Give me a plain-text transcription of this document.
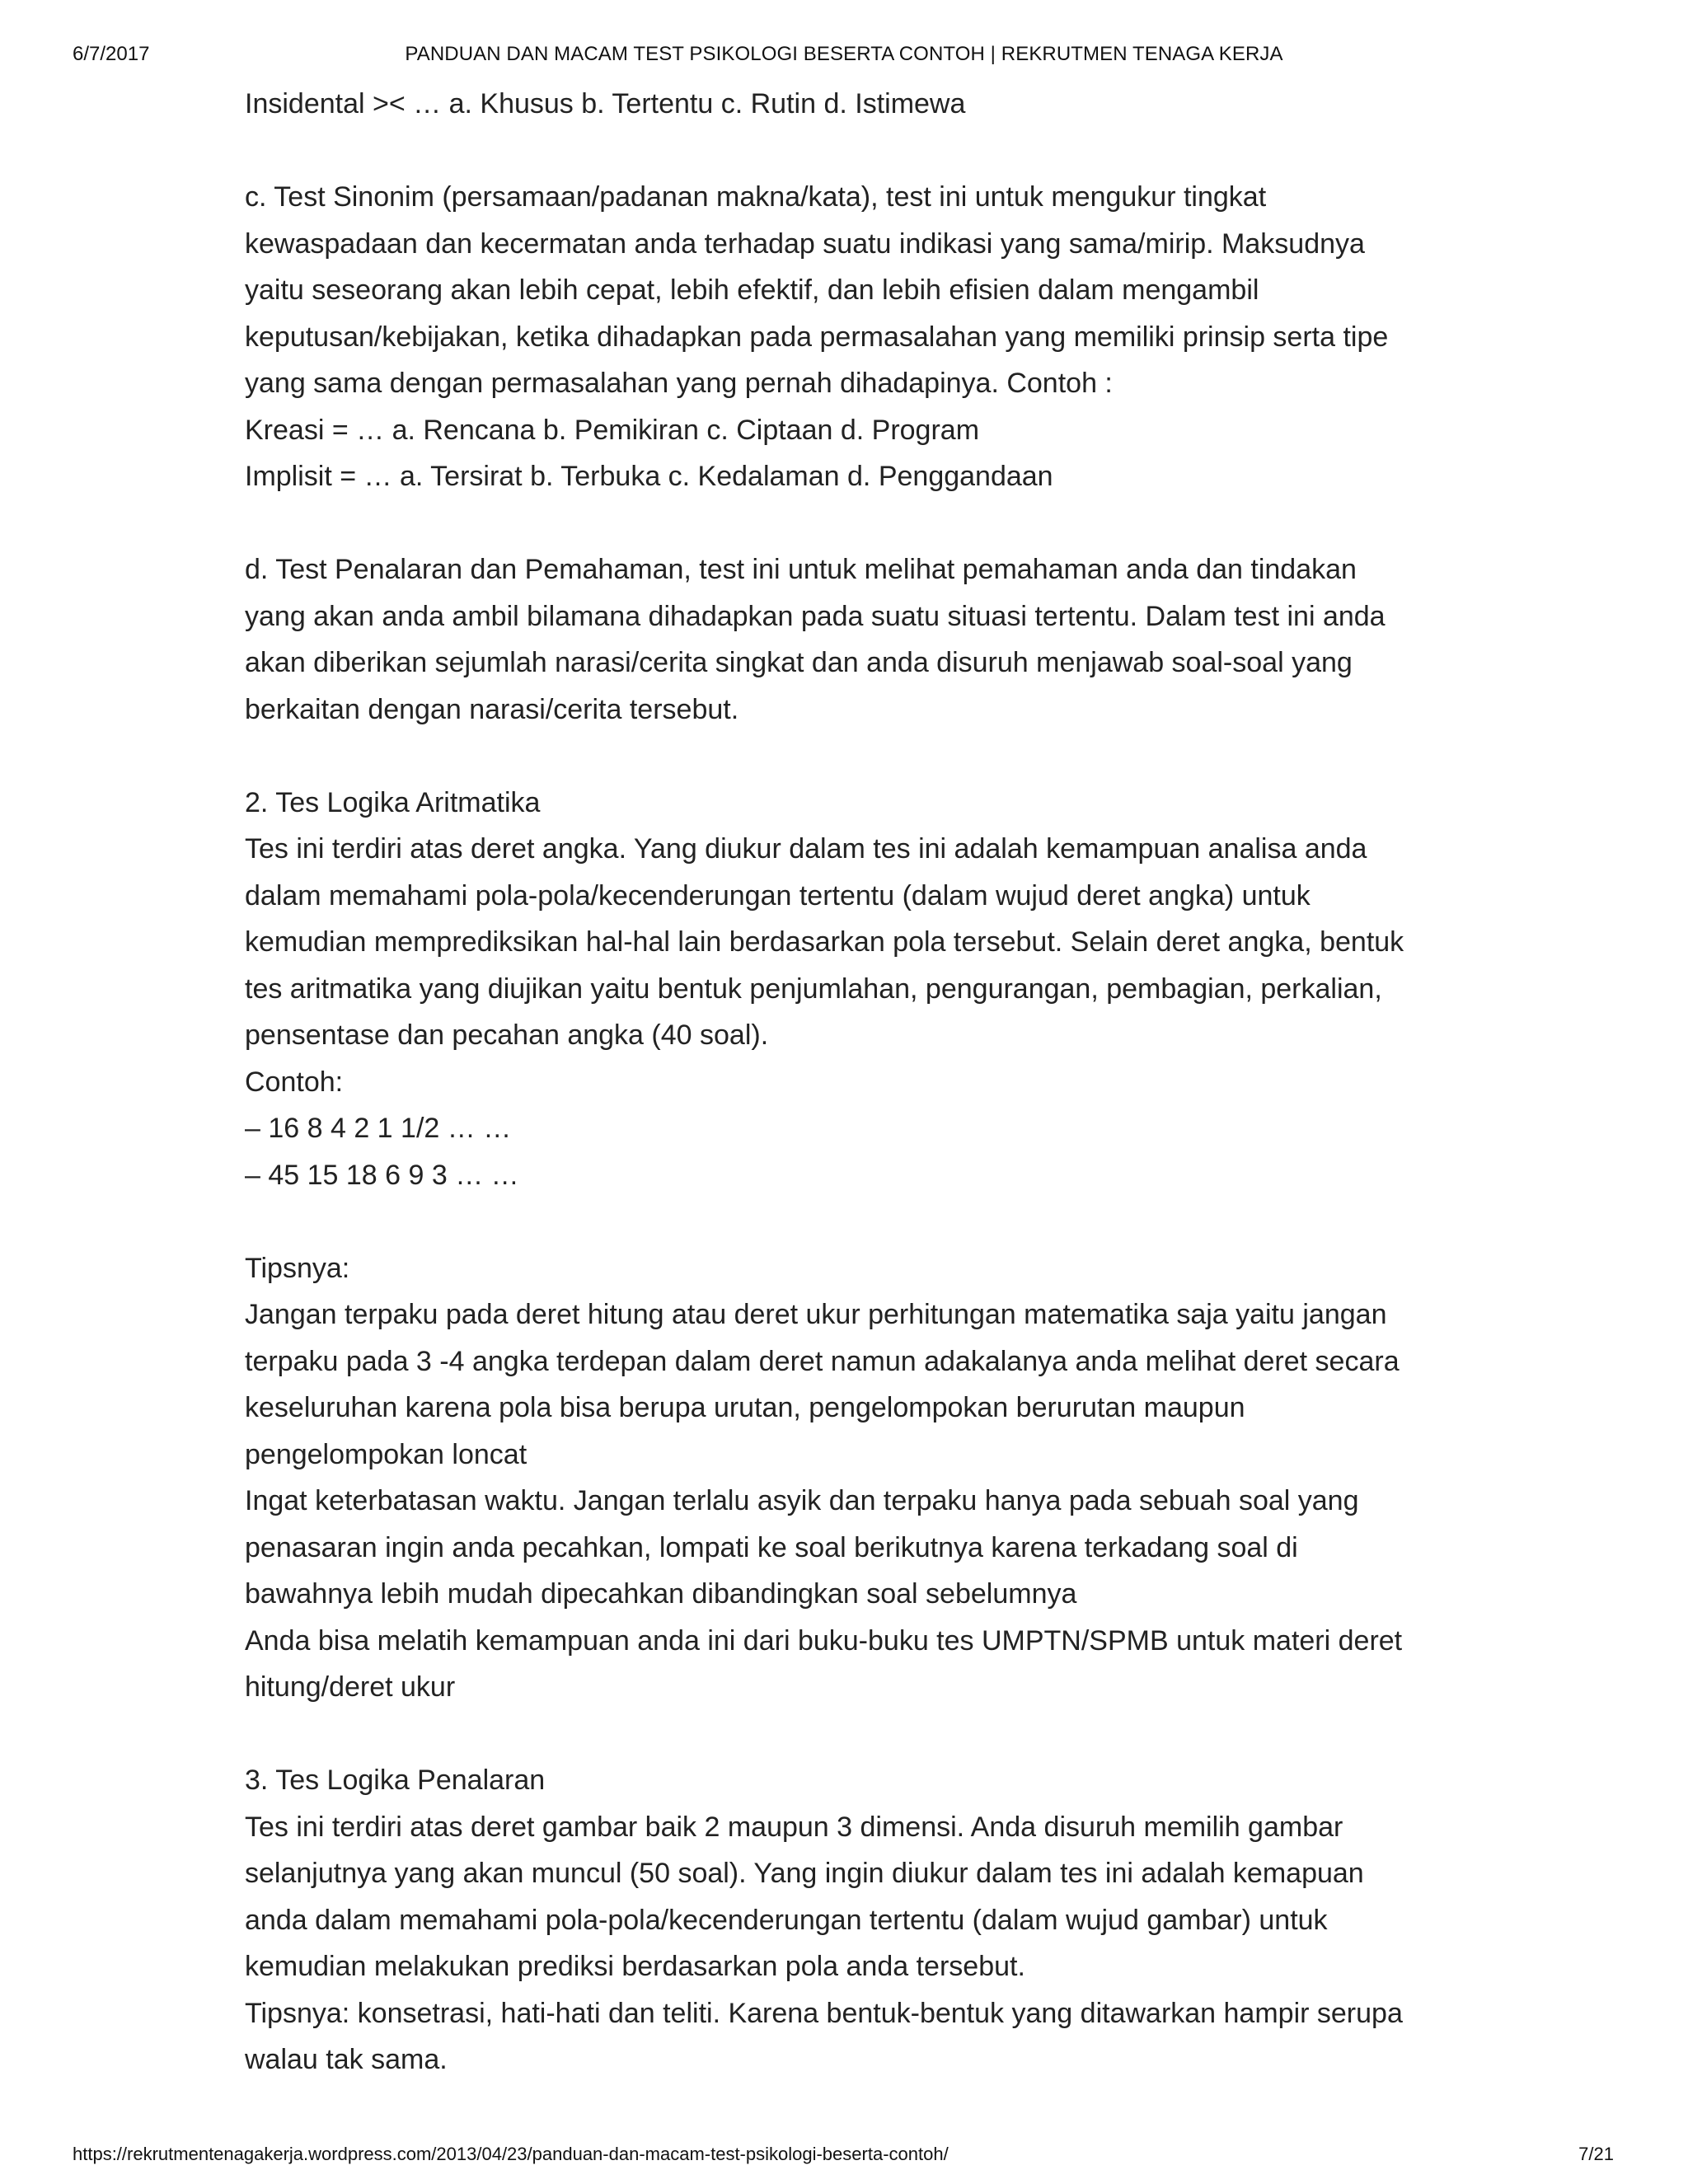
6/7/2017	PANDUAN DAN MACAM TEST PSIKOLOGI BESERTA CONTOH | REKRUTMEN TENAGA KERJA

Insidental >< … a. Khusus b. Tertentu c. Rutin d. Istimewa

c. Test Sinonim (persamaan/padanan makna/kata), test ini untuk mengukur tingkat
kewaspadaan dan kecermatan anda terhadap suatu indikasi yang sama/mirip. Maksudnya
yaitu seseorang akan lebih cepat, lebih efektif, dan lebih efisien dalam mengambil
keputusan/kebijakan, ketika dihadapkan pada permasalahan yang memiliki prinsip serta tipe
yang sama dengan permasalahan yang pernah dihadapinya. Contoh :

Kreasi = … a. Rencana b. Pemikiran c. Ciptaan d. Program

Implisit = … a. Tersirat b. Terbuka c. Kedalaman d. Penggandaan

d. Test Penalaran dan Pemahaman, test ini untuk melihat pemahaman anda dan tindakan
yang akan anda ambil bilamana dihadapkan pada suatu situasi tertentu. Dalam test ini anda
akan diberikan sejumlah narasi/cerita singkat dan anda disuruh menjawab soal-soal yang
berkaitan dengan narasi/cerita tersebut.

2. Tes Logika Aritmatika

Tes ini terdiri atas deret angka. Yang diukur dalam tes ini adalah kemampuan analisa anda
dalam memahami pola-pola/kecenderungan tertentu (dalam wujud deret angka) untuk
kemudian memprediksikan hal-hal lain berdasarkan pola tersebut. Selain deret angka, bentuk
tes aritmatika yang diujikan yaitu bentuk penjumlahan, pengurangan, pembagian, perkalian,
pensentase dan pecahan angka (40 soal).

Contoh:

– 16 8 4 2 1 1/2 … …

– 45 15 18 6 9 3 … …

Tipsnya:

Jangan terpaku pada deret hitung atau deret ukur perhitungan matematika saja yaitu jangan
terpaku pada 3 -4 angka terdepan dalam deret namun adakalanya anda melihat deret secara
keseluruhan karena pola bisa berupa urutan, pengelompokan berurutan maupun
pengelompokan loncat

Ingat keterbatasan waktu. Jangan terlalu asyik dan terpaku hanya pada sebuah soal yang
penasaran ingin anda pecahkan, lompati ke soal berikutnya karena terkadang soal di
bawahnya lebih mudah dipecahkan dibandingkan soal sebelumnya

Anda bisa melatih kemampuan anda ini dari buku-buku tes UMPTN/SPMB untuk materi deret
hitung/deret ukur

3. Tes Logika Penalaran

Tes ini terdiri atas deret gambar baik 2 maupun 3 dimensi. Anda disuruh memilih gambar
selanjutnya yang akan muncul (50 soal). Yang ingin diukur dalam tes ini adalah kemapuan
anda dalam memahami pola-pola/kecenderungan tertentu (dalam wujud gambar) untuk
kemudian melakukan prediksi berdasarkan pola anda tersebut.

Tipsnya: konsetrasi, hati-hati dan teliti. Karena bentuk-bentuk yang ditawarkan hampir serupa
walau tak sama.

https://rekrutmentenagakerja.wordpress.com/2013/04/23/panduan-dan-macam-test-psikologi-beserta-contoh/	7/21
